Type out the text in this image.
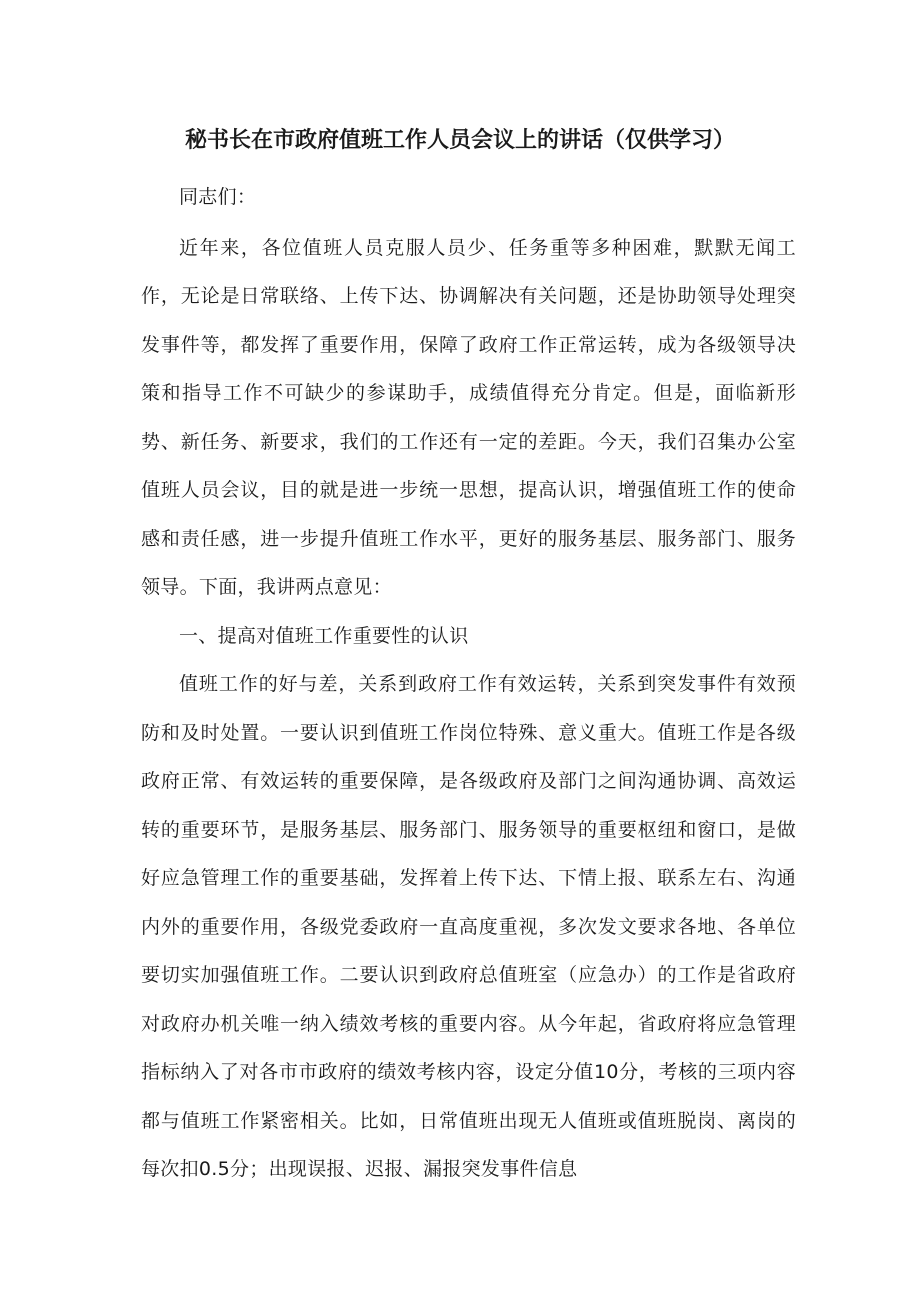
秘书长在市政府值班工作人员会议上的讲话（仅供学习）

同志们：

近年来，各位值班人员克服人员少、任务重等多种困难，默默无闻工作，无论是日常联络、上传下达、协调解决有关问题，还是协助领导处理突发事件等，都发挥了重要作用，保障了政府工作正常运转，成为各级领导决策和指导工作不可缺少的参谋助手，成绩值得充分肯定。但是，面临新形势、新任务、新要求，我们的工作还有一定的差距。今天，我们召集办公室值班人员会议，目的就是进一步统一思想，提高认识，增强值班工作的使命感和责任感，进一步提升值班工作水平，更好的服务基层、服务部门、服务领导。下面，我讲两点意见：

一、提高对值班工作重要性的认识

值班工作的好与差，关系到政府工作有效运转，关系到突发事件有效预防和及时处置。一要认识到值班工作岗位特殊、意义重大。值班工作是各级政府正常、有效运转的重要保障，是各级政府及部门之间沟通协调、高效运转的重要环节，是服务基层、服务部门、服务领导的重要枢纽和窗口，是做好应急管理工作的重要基础，发挥着上传下达、下情上报、联系左右、沟通内外的重要作用，各级党委政府一直高度重视，多次发文要求各地、各单位要切实加强值班工作。二要认识到政府总值班室（应急办）的工作是省政府对政府办机关唯一纳入绩效考核的重要内容。从今年起，省政府将应急管理指标纳入了对各市市政府的绩效考核内容，设定分值10分，考核的三项内容都与值班工作紧密相关。比如，日常值班出现无人值班或值班脱岗、离岗的每次扣0.5分；出现误报、迟报、漏报突发事件信息
